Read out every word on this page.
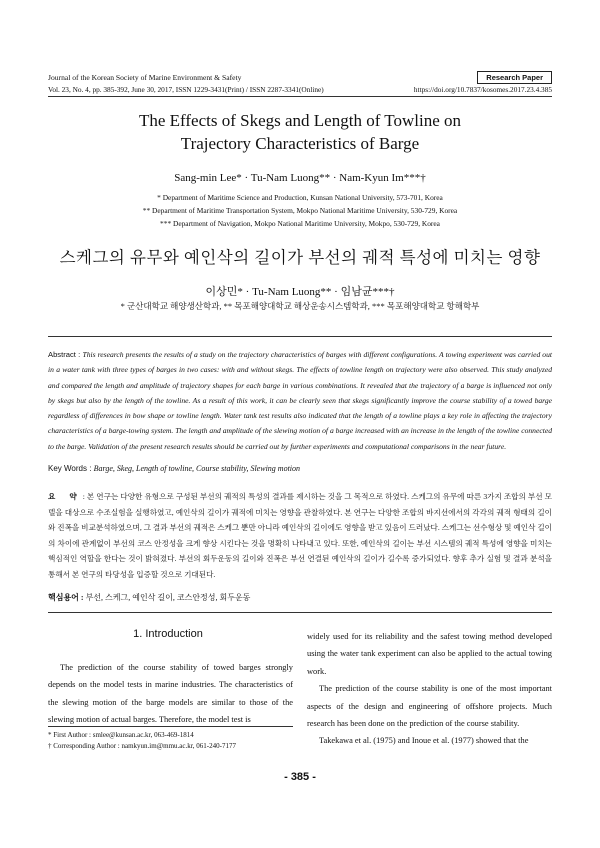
Journal of the Korean Society of Marine Environment & Safety	Research Paper
Vol. 23, No. 4, pp. 385-392, June 30, 2017, ISSN 1229-3431(Print) / ISSN 2287-3341(Online)	https://doi.org/10.7837/kosomes.2017.23.4.385
The Effects of Skegs and Length of Towline on
Trajectory Characteristics of Barge
Sang-min Lee* · Tu-Nam Luong** · Nam-Kyun Im***†
* Department of Maritime Science and Production, Kunsan National University, 573-701, Korea
** Department of Maritime Transportation System, Mokpo National Maritime University, 530-729, Korea
*** Department of Navigation, Mokpo National Maritime University, Mokpo, 530-729, Korea
스케그의 유무와 예인삭의 길이가 부선의 궤적 특성에 미치는 영향
이상민* · Tu-Nam Luong** · 임남균***†
* 군산대학교 해양생산학과, ** 목포해양대학교 해상운송시스템학과, *** 목포해양대학교 항해학부
Abstract : This research presents the results of a study on the trajectory characteristics of barges with different configurations. A towing experiment was carried out in a water tank with three types of barges in two cases: with and without skegs. The effects of towline length on trajectory were also observed. This study analyzed and compared the length and amplitude of trajectory shapes for each barge in various combinations. It revealed that the trajectory of a barge is influenced not only by skegs but also by the length of the towline. As a result of this work, it can be clearly seen that skegs significantly improve the course stability of a towed barge regardless of differences in bow shape or towline length. Water tank test results also indicated that the length of a towline plays a key role in affecting the trajectory characteristics of a barge-towing system. The length and amplitude of the slewing motion of a barge increased with an increase in the length of the towline connected to the barge. Validation of the present research results should be carried out by further experiments and computational comparisons in the near future.
Key Words : Barge, Skeg, Length of towline, Course stability, Slewing motion
요 약: 본 연구는 다양한 유형으로 구성된 부선의 궤적의 특성의 결과를 제시하는 것을 그 목적으로 하였다. 스케그의 유무에 따른 3가지 조합의 부선 모델을 대상으로 수조실험을 실행하였고, 예인삭의 길이가 궤적에 미치는 영향을 관찰하였다. 본 연구는 다양한 조합의 바지선에서의 각각의 궤적 형태의 길이와 진폭을 비교분석하였으며, 그 결과 부선의 궤적은 스케그 뿐만 아니라 예인삭의 길이에도 영향을 받고 있음이 드러났다. 스케그는 선수형상 및 예인삭 길이의 차이에 관계없이 부선의 코스 안정성을 크게 향상 시킨다는 것을 명확히 나타내고 있다. 또한, 예인삭의 길이는 부선 시스템의 궤적 특성에 영향을 미치는 핵심적인 역할을 한다는 것이 밝혀졌다. 부선의 회두운동의 길이와 진폭은 부선 연결된 예인삭의 길이가 길수록 증가되었다. 향후 추가 실험 및 결과 분석을 통해서 본 연구의 타당성을 입증할 것으로 기대된다.
핵심용어 : 부선, 스케그, 예인삭 길이, 코스안정성, 회두운동
1. Introduction

The prediction of the course stability of towed barges strongly depends on the model tests in marine industries. The characteristics of the slewing motion of the barge models are similar to those of the slewing motion of actual barges. Therefore, the model test is

widely used for its reliability and the safest towing method developed using the water tank experiment can also be applied to the actual towing work.

The prediction of the course stability is one of the most important aspects of the design and engineering of offshore projects. Much research has been done on the prediction of the course stability.

Takekawa et al. (1975) and Inoue et al. (1977) showed that the

* First Author : smlee@kunsan.ac.kr, 063-469-1814
† Corresponding Author : namkyun.im@mmu.ac.kr, 061-240-7177
- 385 -
